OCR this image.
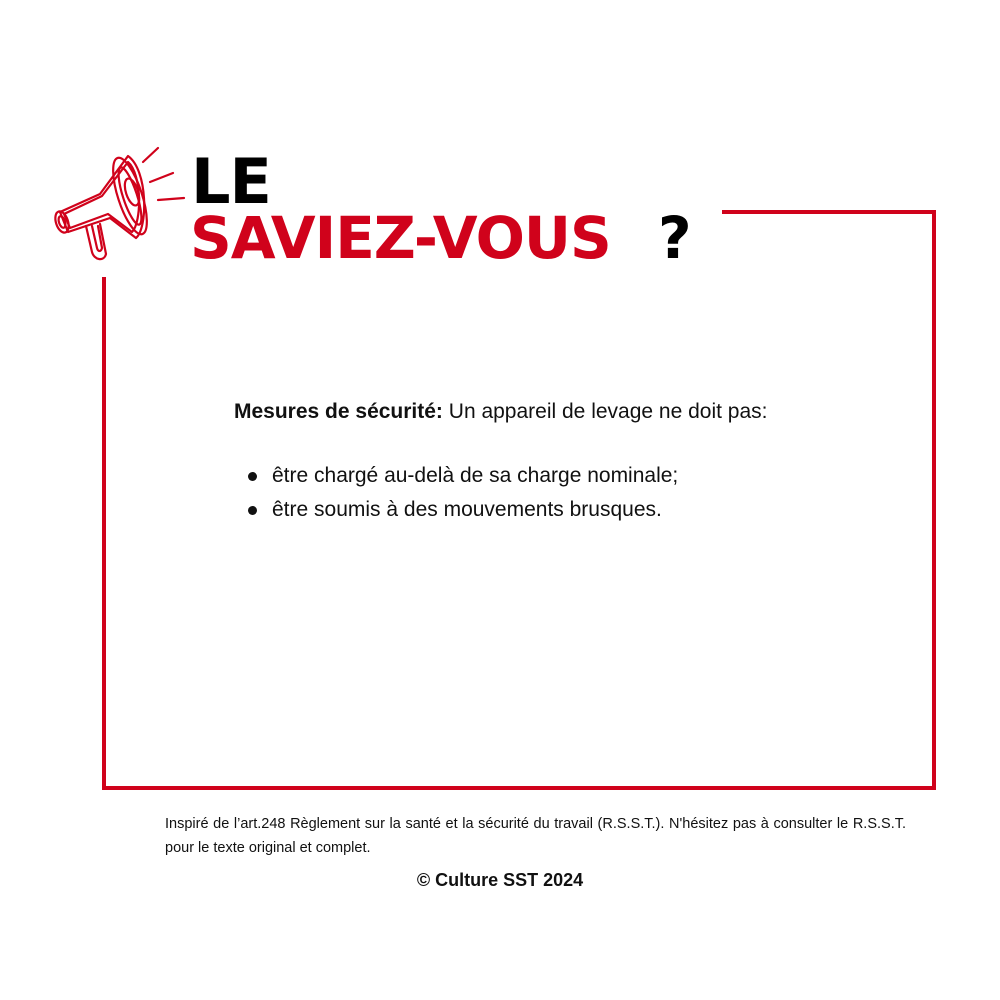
LE
SAVIEZ-VOUS ?
Mesures de sécurité: Un appareil de levage ne doit pas:
être chargé au-delà de sa charge nominale;
être soumis à des mouvements brusques.
Inspiré de l’art.248 Règlement sur la santé et la sécurité du travail (R.S.S.T.). N'hésitez pas à consulter le R.S.S.T. pour le texte original et complet.
© Culture SST 2024
